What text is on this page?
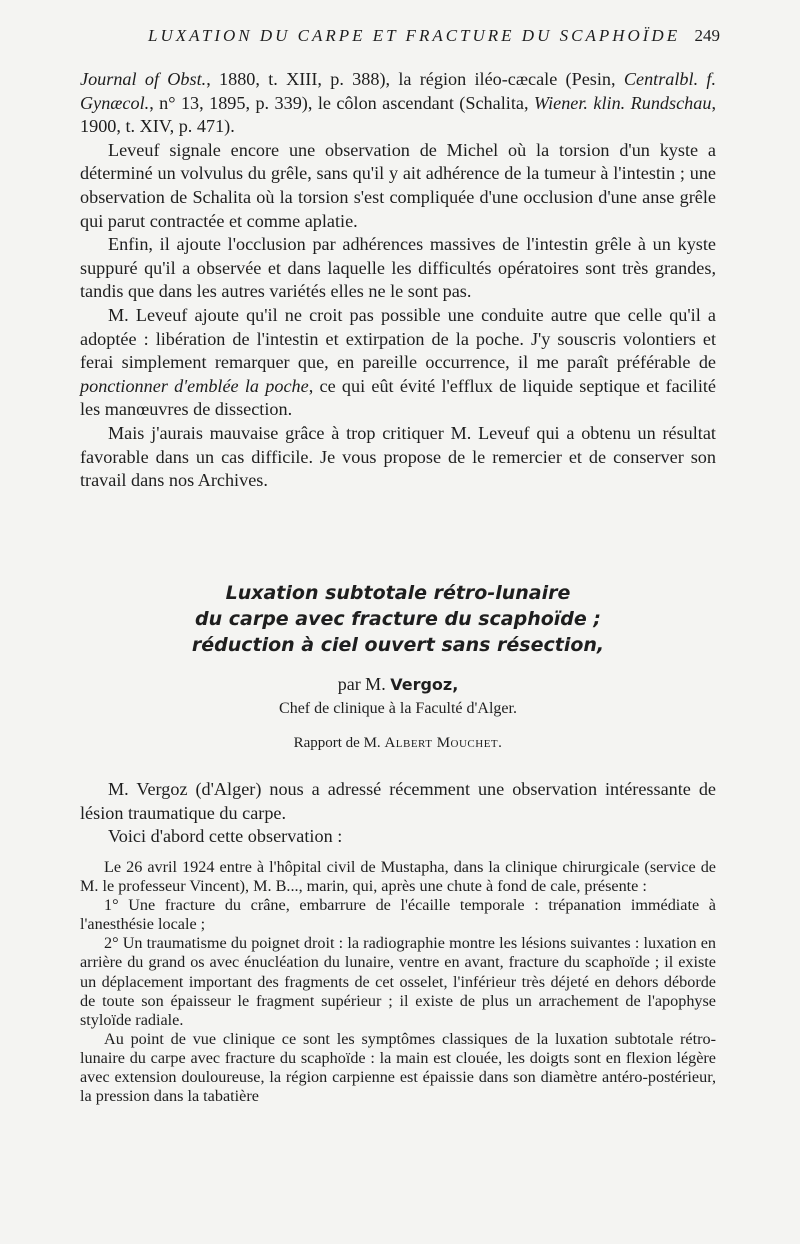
LUXATION DU CARPE ET FRACTURE DU SCAPHOÏDE 249

Journal of Obst., 1880, t. XIII, p. 388), la région iléo-cæcale (Pesin, Centralbl. f. Gynæcol., n° 13, 1895, p. 339), le côlon ascendant (Schalita, Wiener. klin. Rundschau, 1900, t. XIV, p. 471).

Leveuf signale encore une observation de Michel où la torsion d'un kyste a déterminé un volvulus du grêle, sans qu'il y ait adhérence de la tumeur à l'intestin ; une observation de Schalita où la torsion s'est compliquée d'une occlusion d'une anse grêle qui parut contractée et comme aplatie.

Enfin, il ajoute l'occlusion par adhérences massives de l'intestin grêle à un kyste suppuré qu'il a observée et dans laquelle les difficultés opératoires sont très grandes, tandis que dans les autres variétés elles ne le sont pas.

M. Leveuf ajoute qu'il ne croit pas possible une conduite autre que celle qu'il a adoptée : libération de l'intestin et extirpation de la poche. J'y souscris volontiers et ferai simplement remarquer que, en pareille occurrence, il me paraît préférable de ponctionner d'emblée la poche, ce qui eût évité l'efflux de liquide septique et facilité les manœuvres de dissection.

Mais j'aurais mauvaise grâce à trop critiquer M. Leveuf qui a obtenu un résultat favorable dans un cas difficile. Je vous propose de le remercier et de conserver son travail dans nos Archives.

Luxation subtotale rétro-lunaire
du carpe avec fracture du scaphoïde ;
réduction à ciel ouvert sans résection,
par M. Vergoz,
Chef de clinique à la Faculté d'Alger.
Rapport de M. Albert Mouchet.

M. Vergoz (d'Alger) nous a adressé récemment une observation intéressante de lésion traumatique du carpe.

Voici d'abord cette observation :

Le 26 avril 1924 entre à l'hôpital civil de Mustapha, dans la clinique chirurgicale (service de M. le professeur Vincent), M. B..., marin, qui, après une chute à fond de cale, présente :

1° Une fracture du crâne, embarrure de l'écaille temporale : trépanation immédiate à l'anesthésie locale ;

2° Un traumatisme du poignet droit : la radiographie montre les lésions suivantes : luxation en arrière du grand os avec énucléation du lunaire, ventre en avant, fracture du scaphoïde ; il existe un déplacement important des fragments de cet osselet, l'inférieur très déjeté en dehors déborde de toute son épaisseur le fragment supérieur ; il existe de plus un arrachement de l'apophyse styloïde radiale.

Au point de vue clinique ce sont les symptômes classiques de la luxation subtotale rétro-lunaire du carpe avec fracture du scaphoïde : la main est clouée, les doigts sont en flexion légère avec extension douloureuse, la région carpienne est épaissie dans son diamètre antéro-postérieur, la pression dans la tabatière
